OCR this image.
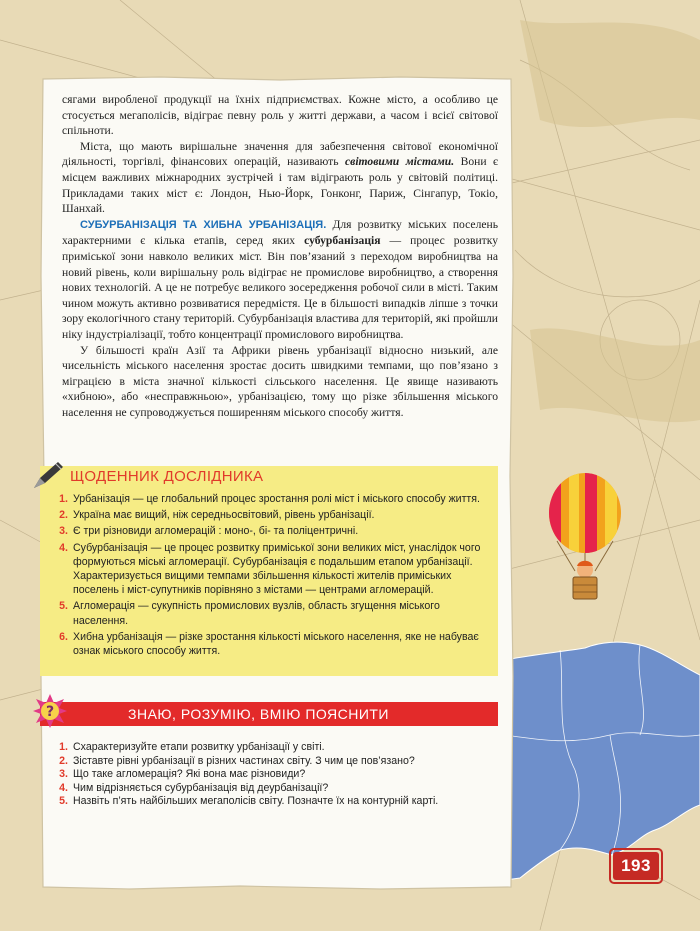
сягами виробленої продукції на їхніх підприємствах. Кожне місто, а особливо це стосується мегаполісів, відіграє певну роль у житті держави, а часом і всієї світової спільноти.

Міста, що мають вирішальне значення для забезпечення світової економічної діяльності, торгівлі, фінансових операцій, називають світовими містами. Вони є місцем важливих міжнародних зустрічей і там відіграють роль у світовій політиці. Прикладами таких міст є: Лондон, Нью-Йорк, Гонконг, Париж, Сінгапур, Токіо, Шанхай.

СУБУРБАНІЗАЦІЯ ТА ХИБНА УРБАНІЗАЦІЯ. Для розвитку міських поселень характерними є кілька етапів, серед яких субурбанізація — процес розвитку приміської зони навколо великих міст. Він пов’язаний з переходом виробництва на новий рівень, коли вирішальну роль відіграє не промислове виробництво, а створення нових технологій. А це не потребує великого зосередження робочої сили в місті. Таким чином можуть активно розвиватися передмістя. Це в більшості випадків ліпше з точки зору екологічного стану територій. Субурбанізація властива для територій, які пройшли ніку індустріалізації, тобто концентрації промислового виробництва.

У більшості країн Азії та Африки рівень урбанізації відносно низький, але чисельність міського населення зростає досить швидкими темпами, що пов’язано з міграцією в міста значної кількості сільського населення. Це явище називають «хибною», або «несправжньою», урбанізацією, тому що різке збільшення міського населення не супроводжується поширенням міського способу життя.

ЩОДЕННИК ДОСЛІДНИКА
1. Урбанізація — це глобальний процес зростання ролі міст і міського способу життя.
2. Україна має вищий, ніж середньосвітовий, рівень урбанізації.
3. Є три різновиди агломерацій : моно-, бі- та поліцентричні.
4. Субурбанізація — це процес розвитку приміської зони великих міст, унаслідок чого формуються міські агломерації. Субурбанізація є подальшим етапом урбанізації. Характеризується вищими темпами збільшення кількості жителів приміських поселень і міст-супутників порівняно з містами — центрами агломерацій.
5. Агломерація — сукупність промислових вузлів, область згущення міського населення.
6. Хибна урбанізація — різке зростання кількості міського населення, яке не набуває ознак міського способу життя.
?	ЗНАЮ, РОЗУМІЮ, ВМІЮ ПОЯСНИТИ
1. Схарактеризуйте етапи розвитку урбанізації у світі.
2. Зіставте рівні урбанізації в різних частинах світу. З чим це пов’язано?
3. Що таке агломерація? Які вона має різновиди?
4. Чим відрізняється субурбанізація від деурбанізації?
5. Назвіть п’ять найбільших мегаполісів світу. Позначте їх на контурній карті.
193
